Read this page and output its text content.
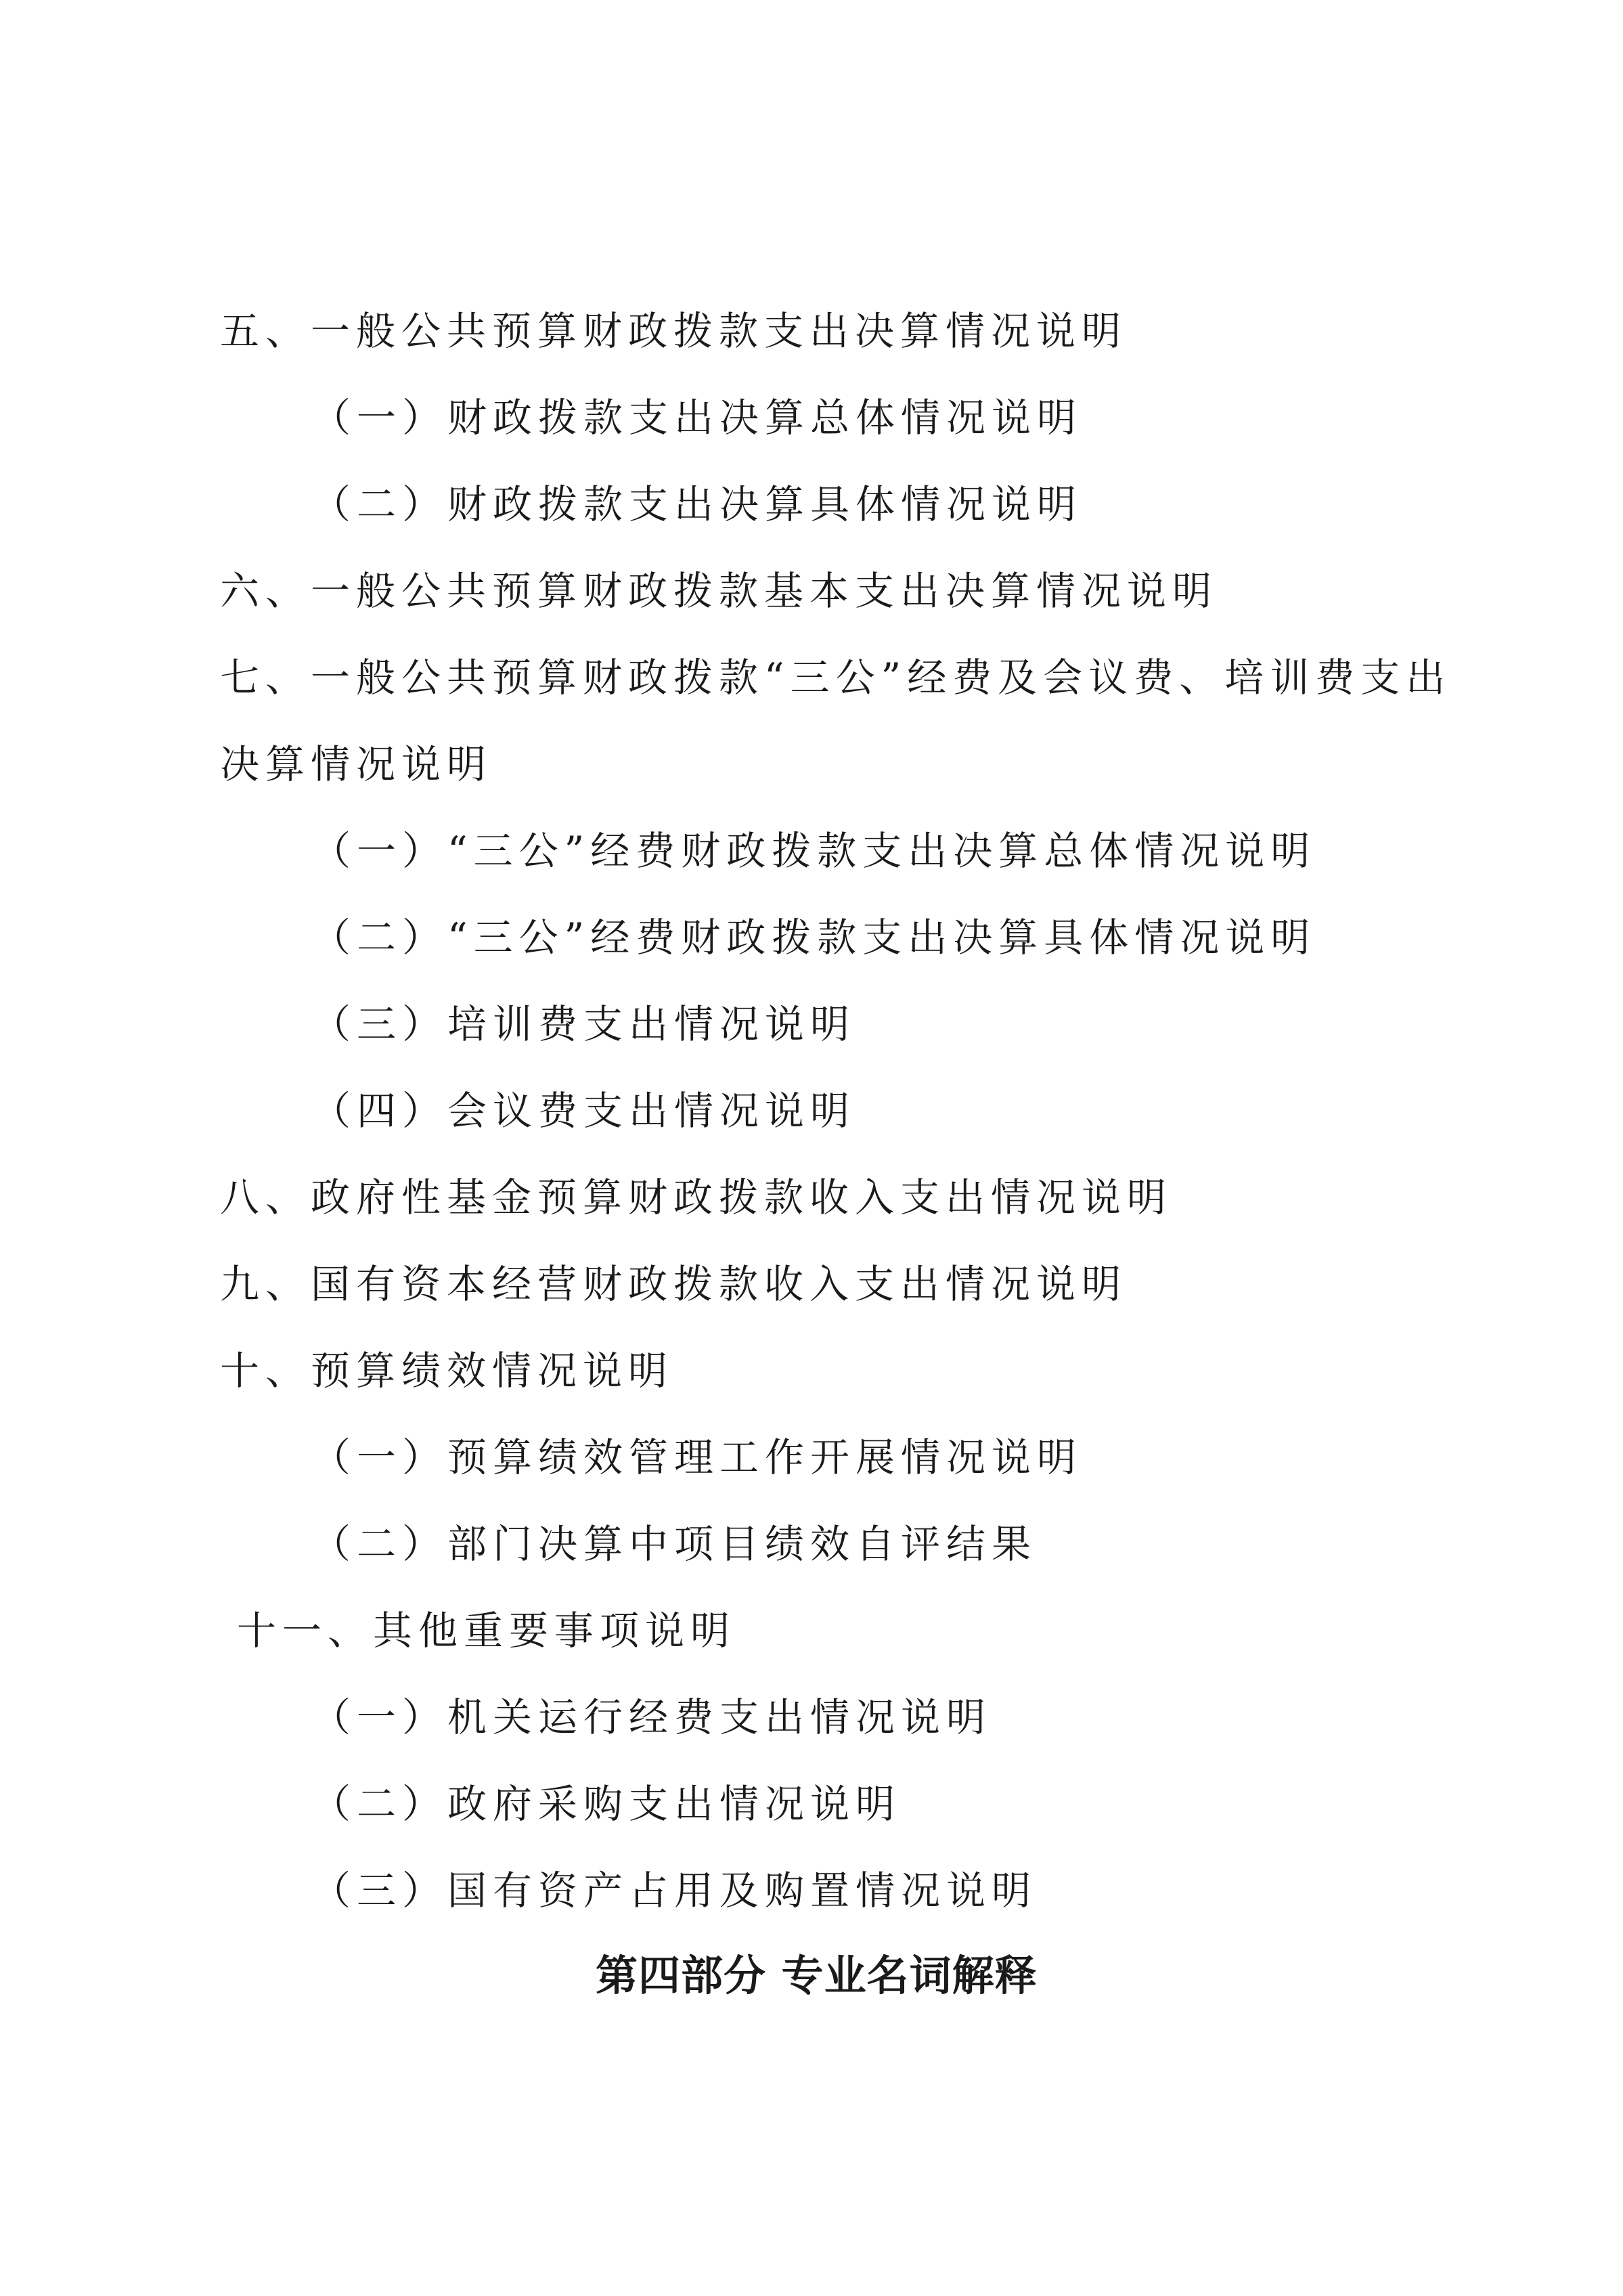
五、一般公共预算财政拨款支出决算情况说明
（一）财政拨款支出决算总体情况说明
（二）财政拨款支出决算具体情况说明
六、一般公共预算财政拨款基本支出决算情况说明
七、一般公共预算财政拨款“三公”经费及会议费、培训费支出
决算情况说明
（一）“三公”经费财政拨款支出决算总体情况说明
（二）“三公”经费财政拨款支出决算具体情况说明
（三）培训费支出情况说明
（四）会议费支出情况说明
八、政府性基金预算财政拨款收入支出情况说明
九、国有资本经营财政拨款收入支出情况说明
十、预算绩效情况说明
（一）预算绩效管理工作开展情况说明
（二）部门决算中项目绩效自评结果
十一、其他重要事项说明
（一）机关运行经费支出情况说明
（二）政府采购支出情况说明
（三）国有资产占用及购置情况说明
第四部分 专业名词解释
